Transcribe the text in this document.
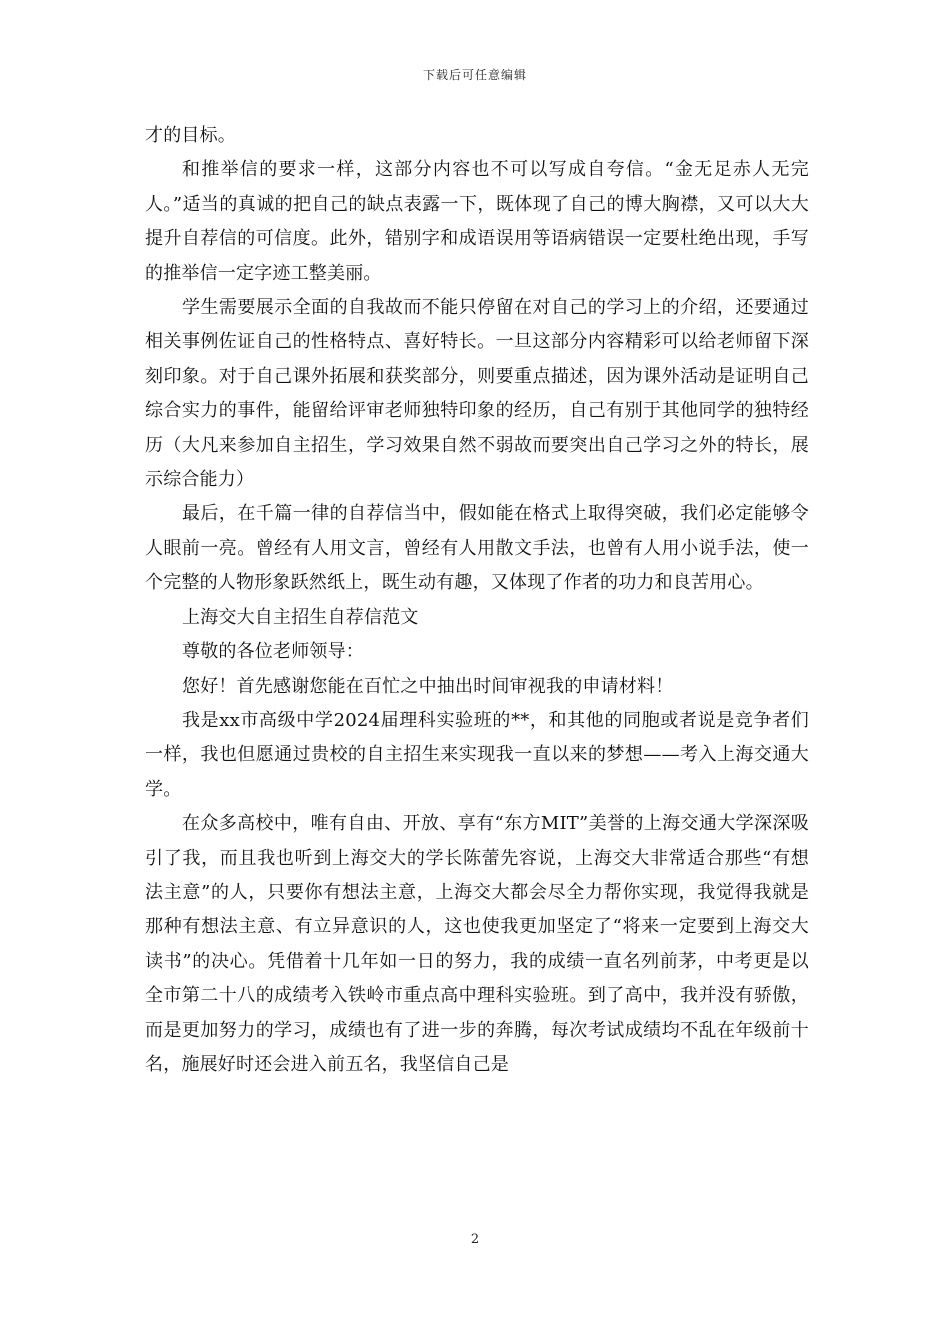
下载后可任意编辑

才的目标。

和推举信的要求一样，这部分内容也不可以写成自夸信。“金无足赤人无完人。”适当的真诚的把自己的缺点表露一下，既体现了自己的博大胸襟，又可以大大提升自荐信的可信度。此外，错别字和成语误用等语病错误一定要杜绝出现，手写的推举信一定字迹工整美丽。

学生需要展示全面的自我故而不能只停留在对自己的学习上的介绍，还要通过相关事例佐证自己的性格特点、喜好特长。一旦这部分内容精彩可以给老师留下深刻印象。对于自己课外拓展和获奖部分，则要重点描述，因为课外活动是证明自己综合实力的事件，能留给评审老师独特印象的经历，自己有别于其他同学的独特经历（大凡来参加自主招生，学习效果自然不弱故而要突出自己学习之外的特长，展示综合能力）

最后，在千篇一律的自荐信当中，假如能在格式上取得突破，我们必定能够令人眼前一亮。曾经有人用文言，曾经有人用散文手法，也曾有人用小说手法，使一个完整的人物形象跃然纸上，既生动有趣，又体现了作者的功力和良苦用心。

上海交大自主招生自荐信范文

尊敬的各位老师领导：

您好！首先感谢您能在百忙之中抽出时间审视我的申请材料！

我是xx市高级中学2024届理科实验班的**，和其他的同胞或者说是竞争者们一样，我也但愿通过贵校的自主招生来实现我一直以来的梦想——考入上海交通大学。

在众多高校中，唯有自由、开放、享有“东方MIT”美誉的上海交通大学深深吸引了我，而且我也听到上海交大的学长陈蕾先容说，上海交大非常适合那些“有想法主意”的人，只要你有想法主意，上海交大都会尽全力帮你实现，我觉得我就是那种有想法主意、有立异意识的人，这也使我更加坚定了“将来一定要到上海交大读书”的决心。凭借着十几年如一日的努力，我的成绩一直名列前茅，中考更是以全市第二十八的成绩考入铁岭市重点高中理科实验班。到了高中，我并没有骄傲，而是更加努力的学习，成绩也有了进一步的奔腾，每次考试成绩均不乱在年级前十名，施展好时还会进入前五名，我坚信自己是

2
